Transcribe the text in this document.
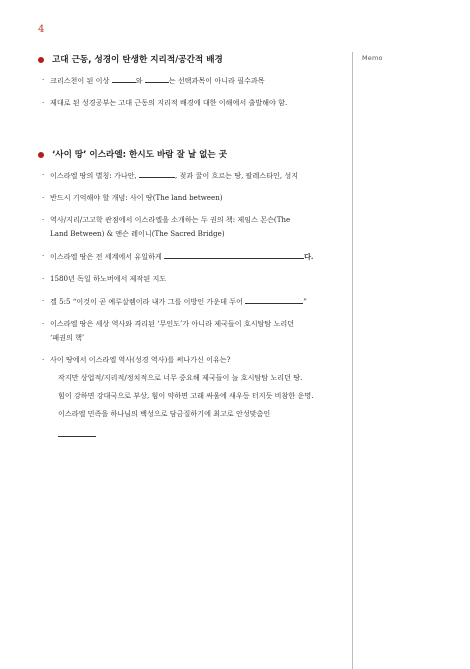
4
Memo
고대 근동, 성경이 탄생한 지리적/공간적 배경
· 크리스천이 된 이상	와	는 선택과목이 아니라 필수과목
· 제대로 된 성경공부는 고대 근동의 지리적 배경에 대한 이해에서 출발해야 함.
‘사이 땅’ 이스라엘: 한시도 바람 잘 날 없는 곳
· 이스라엘 땅의 별칭: 가나안,	, 젖과 꿀이 흐르는 땅, 팔레스타인, 성지
· 반드시 기억해야 할 개념: 사이 땅(The land between)
· 역사/지리/고고학 관점에서 이스라엘을 소개하는 두 권의 책: 제임스 몬슨(The
Land Between) & 앤슨 레이니(The Sacred Bridge)
· 이스라엘 땅은 전 세계에서 유일하게	다.
· 1580년 독일 하노버에서 제작된 지도
· 겔 5:5 “이것이 곧 예루살렘이라 내가 그를 이방인 가운데 두어	”
· 이스라엘 땅은 세상 역사와 격리된 ‘무인도’가 아니라 제국들이 호시탐탐 노리던
‘패권의 핵’
· 사이 땅에서 이스라엘 역사(성경 역사)를 써나가신 이유는?
작지만 상업적/지리적/정치적으로 너무 중요해 제국들이 늘 호시탐탐 노리던 땅.
힘이 강하면 강대국으로 부상, 힘이 약하면 고래 싸움에 새우등 터지듯 비참한 운명.
이스라엘 민족을 하나님의 백성으로 담금질하기에 최고로 안성맞춤인
